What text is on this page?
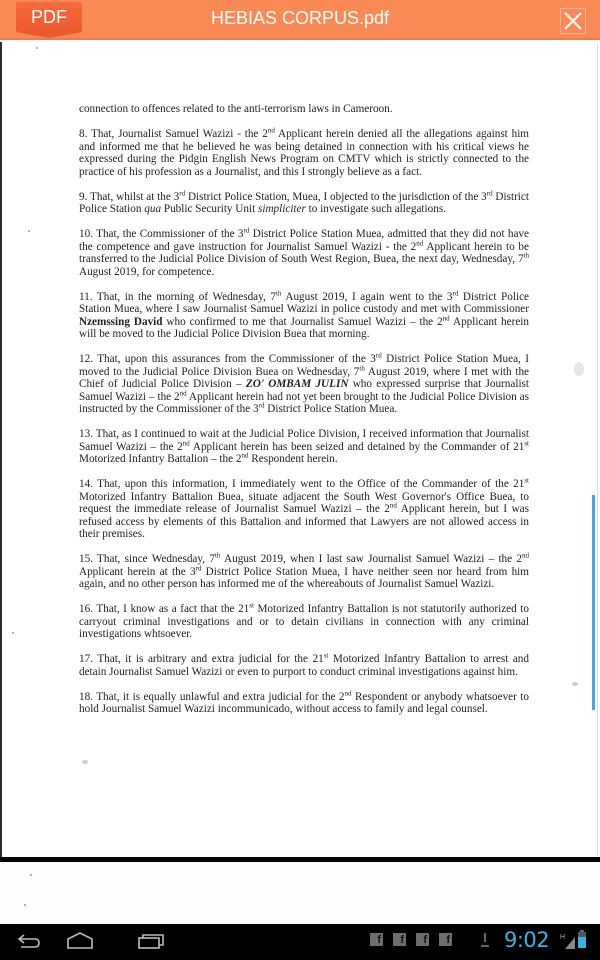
PDF	HEBIAS CORPUS.pdf

connection to offences related to the anti-terrorism laws in Cameroon.

8. That, Journalist Samuel Wazizi - the 2nd Applicant herein denied all the allegations against him and informed me that he believed he was being detained in connection with his critical views he expressed during the Pidgin English News Program on CMTV which is strictly connected to the practice of his profession as a Journalist, and this I strongly believe as a fact.

9. That, whilst at the 3rd District Police Station, Muea, I objected to the jurisdiction of the 3rd District Police Station qua Public Security Unit simpliciter to investigate such allegations.

10. That, the Commissioner of the 3rd District Police Station Muea, admitted that they did not have the competence and gave instruction for Journalist Samuel Wazizi - the 2nd Applicant herein to be transferred to the Judicial Police Division of South West Region, Buea, the next day, Wednesday, 7th August 2019, for competence.

11. That, in the morning of Wednesday, 7th August 2019, I again went to the 3rd District Police Station Muea, where I saw Journalist Samuel Wazizi in police custody and met with Commissioner Nzemssing David who confirmed to me that Journalist Samuel Wazizi – the 2nd Applicant herein will be moved to the Judicial Police Division Buea that morning.

12. That, upon this assurances from the Commissioner of the 3rd District Police Station Muea, I moved to the Judicial Police Division Buea on Wednesday, 7th August 2019, where I met with the Chief of Judicial Police Division – ZO' OMBAM JULIN who expressed surprise that Journalist Samuel Wazizi – the 2nd Applicant herein had not yet been brought to the Judicial Police Division as instructed by the Commissioner of the 3rd District Police Station Muea.

13. That, as I continued to wait at the Judicial Police Division, I received information that Journalist Samuel Wazizi – the 2nd Applicant herein has been seized and detained by the Commander of 21st Motorized Infantry Battalion – the 2nd Respondent herein.

14. That, upon this information, I immediately went to the Office of the Commander of the 21st Motorized Infantry Battalion Buea, situate adjacent the South West Governor's Office Buea, to request the immediate release of Journalist Samuel Wazizi – the 2nd Applicant herein, but I was refused access by elements of this Battalion and informed that Lawyers are not allowed access in their premises.

15. That, since Wednesday, 7th August 2019, when I last saw Journalist Samuel Wazizi – the 2nd Applicant herein at the 3rd District Police Station Muea, I have neither seen nor heard from him again, and no other person has informed me of the whereabouts of Journalist Samuel Wazizi.

16. That, I know as a fact that the 21st Motorized Infantry Battalion is not statutorily authorized to carryout criminal investigations and or to detain civilians in connection with any criminal investigations whtsoever.

17. That, it is arbitrary and extra judicial for the 21st Motorized Infantry Battalion to arrest and detain Journalist Samuel Wazizi or even to purport to conduct criminal investigations against him.

18. That, it is equally unlawful and extra judicial for the 2nd Respondent or anybody whatsoever to hold Journalist Samuel Wazizi incommunicado, without access to family and legal counsel.

f	f	f	f	9:02 H
